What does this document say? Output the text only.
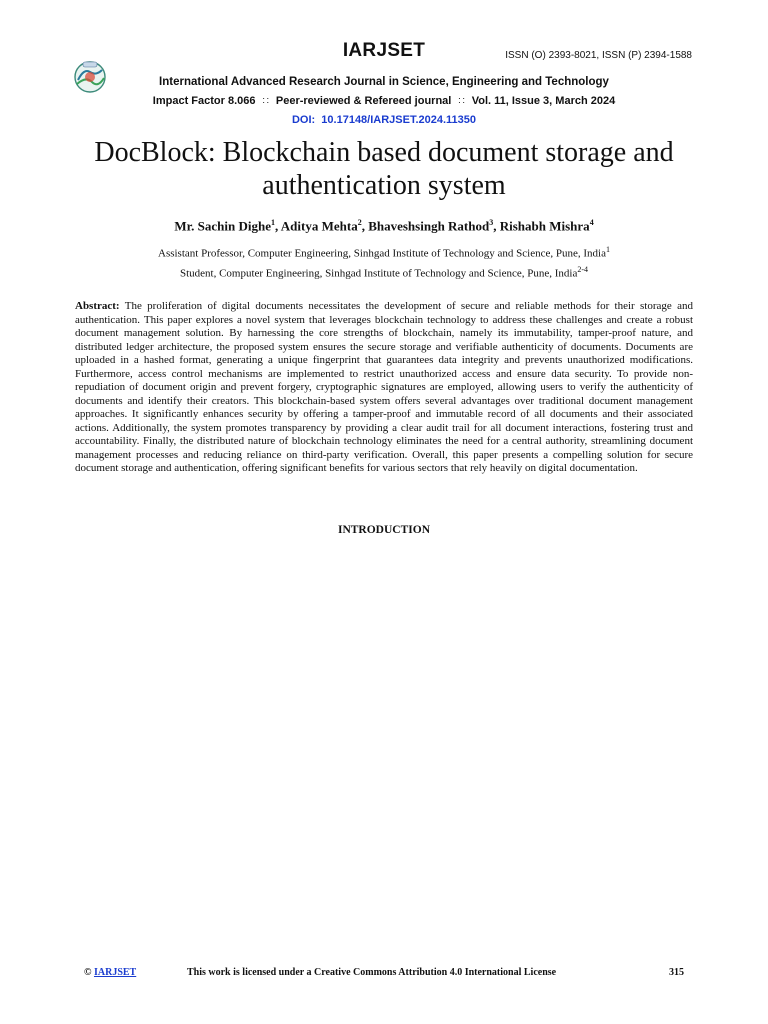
IARJSET	ISSN (O) 2393-8021, ISSN (P) 2394-1588
International Advanced Research Journal in Science, Engineering and Technology
Impact Factor 8.066 ∷ Peer-reviewed & Refereed journal ∷ Vol. 11, Issue 3, March 2024
DOI: 10.17148/IARJSET.2024.11350
DocBlock: Blockchain based document storage and authentication system
Mr. Sachin Dighe$^1$, Aditya Mehta$^2$, Bhaveshsingh Rathod$^3$, Rishabh Mishra$^4$
Assistant Professor, Computer Engineering, Sinhgad Institute of Technology and Science, Pune, India$^1$
Student, Computer Engineering, Sinhgad Institute of Technology and Science, Pune, India$^{2-4}$
Abstract: The proliferation of digital documents necessitates the development of secure and reliable methods for their storage and authentication. This paper explores a novel system that leverages blockchain technology to address these challenges and create a robust document management solution. By harnessing the core strengths of blockchain, namely its immutability, tamper-proof nature, and distributed ledger architecture, the proposed system ensures the secure storage and verifiable authenticity of documents. Documents are uploaded in a hashed format, generating a unique fingerprint that guarantees data integrity and prevents unauthorized modifications. Furthermore, access control mechanisms are implemented to restrict unauthorized access and ensure data security. To provide non-repudiation of document origin and prevent forgery, cryptographic signatures are employed, allowing users to verify the authenticity of documents and identify their creators. This blockchain-based system offers several advantages over traditional document management approaches. It significantly enhances security by offering a tamper-proof and immutable record of all documents and their associated actions. Additionally, the system promotes transparency by providing a clear audit trail for all document interactions, fostering trust and accountability. Finally, the distributed nature of blockchain technology eliminates the need for a central authority, streamlining document management processes and reducing reliance on third-party verification. Overall, this paper presents a compelling solution for secure document storage and authentication, offering significant benefits for various sectors that rely heavily on digital documentation.
INTRODUCTION
© IARJSET	This work is licensed under a Creative Commons Attribution 4.0 International License	315
